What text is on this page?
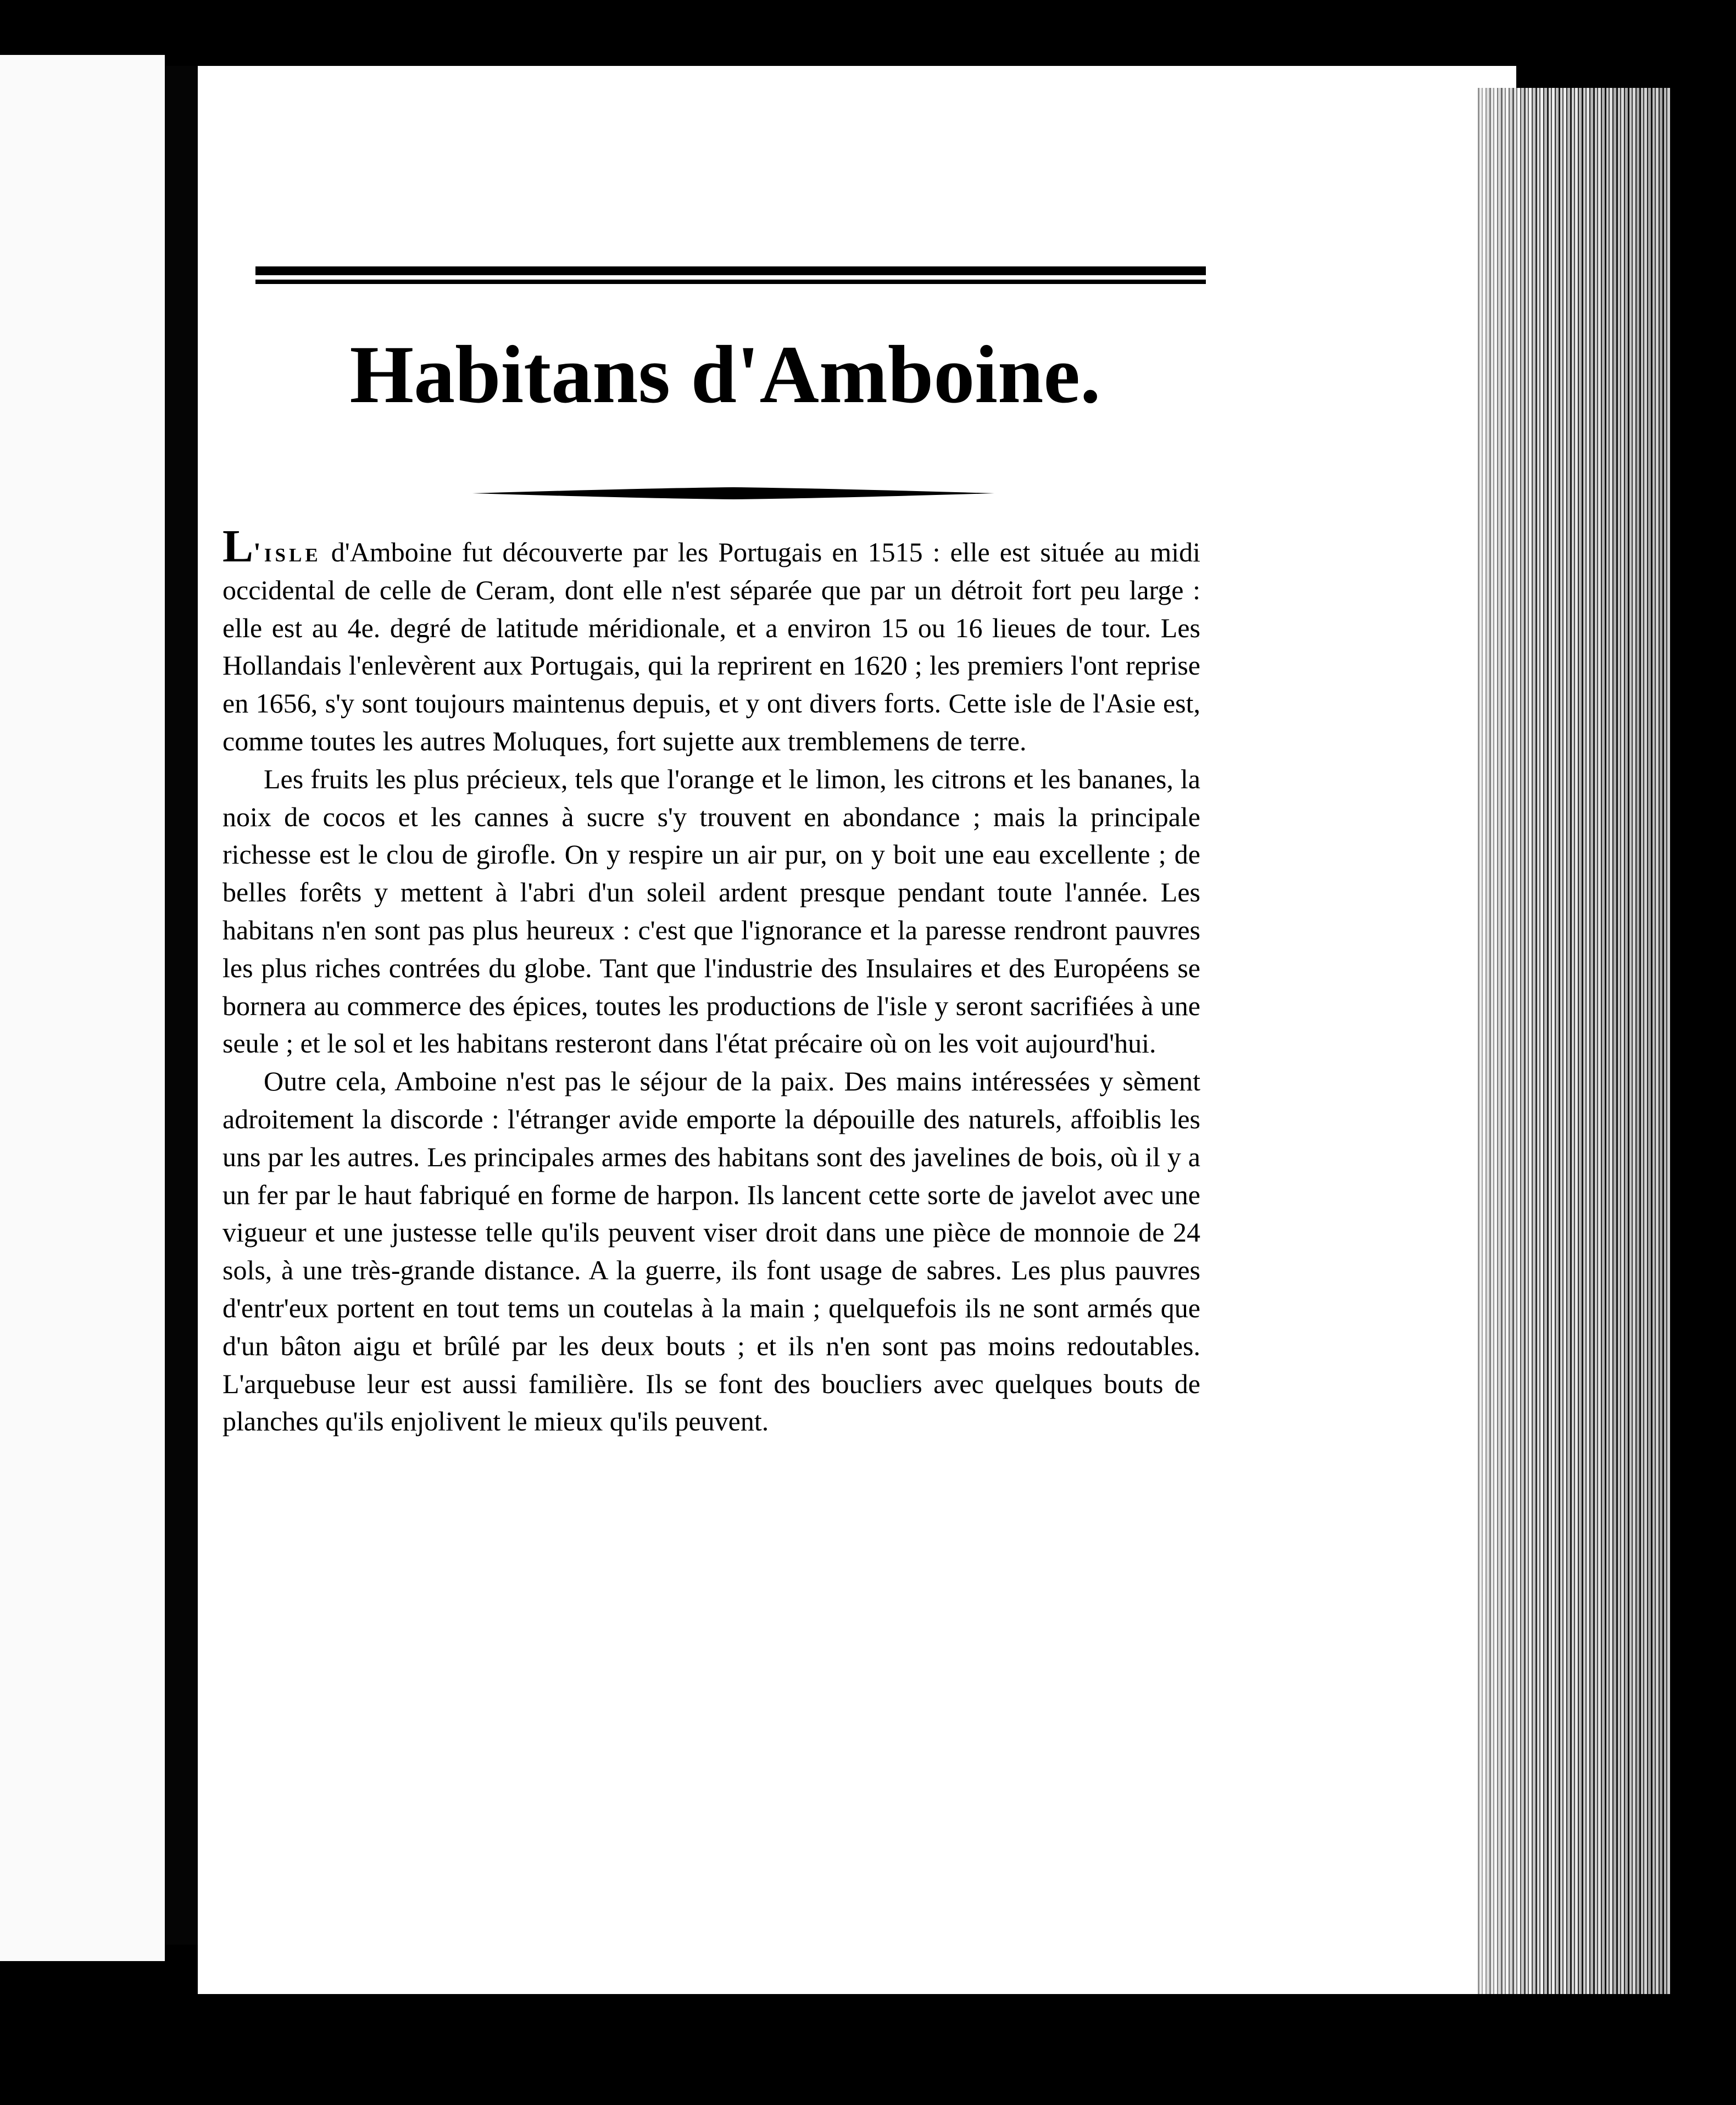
Habitans d'Amboine.

L'isle d'Amboine fut découverte par les Portugais en 1515 : elle est située au midi occidental de celle de Ceram, dont elle n'est séparée que par un détroit fort peu large : elle est au 4e. degré de latitude méridionale, et a environ 15 ou 16 lieues de tour. Les Hollandais l'enlevèrent aux Portugais, qui la reprirent en 1620 ; les premiers l'ont reprise en 1656, s'y sont toujours maintenus depuis, et y ont divers forts. Cette isle de l'Asie est, comme toutes les autres Moluques, fort sujette aux tremblemens de terre.

Les fruits les plus précieux, tels que l'orange et le limon, les citrons et les bananes, la noix de cocos et les cannes à sucre s'y trouvent en abondance ; mais la principale richesse est le clou de girofle. On y respire un air pur, on y boit une eau excellente ; de belles forêts y mettent à l'abri d'un soleil ardent presque pendant toute l'année. Les habitans n'en sont pas plus heureux : c'est que l'ignorance et la paresse rendront pauvres les plus riches contrées du globe. Tant que l'industrie des Insulaires et des Européens se bornera au commerce des épices, toutes les productions de l'isle y seront sacrifiées à une seule ; et le sol et les habitans resteront dans l'état précaire où on les voit aujourd'hui.

Outre cela, Amboine n'est pas le séjour de la paix. Des mains intéressées y sèment adroitement la discorde : l'étranger avide emporte la dépouille des naturels, affoiblis les uns par les autres. Les principales armes des habitans sont des javelines de bois, où il y a un fer par le haut fabriqué en forme de harpon. Ils lancent cette sorte de javelot avec une vigueur et une justesse telle qu'ils peuvent viser droit dans une pièce de monnoie de 24 sols, à une très-grande distance. A la guerre, ils font usage de sabres. Les plus pauvres d'entr'eux portent en tout tems un coutelas à la main ; quelquefois ils ne sont armés que d'un bâton aigu et brûlé par les deux bouts ; et ils n'en sont pas moins redoutables. L'arquebuse leur est aussi familière. Ils se font des boucliers avec quelques bouts de planches qu'ils enjolivent le mieux qu'ils peuvent.
